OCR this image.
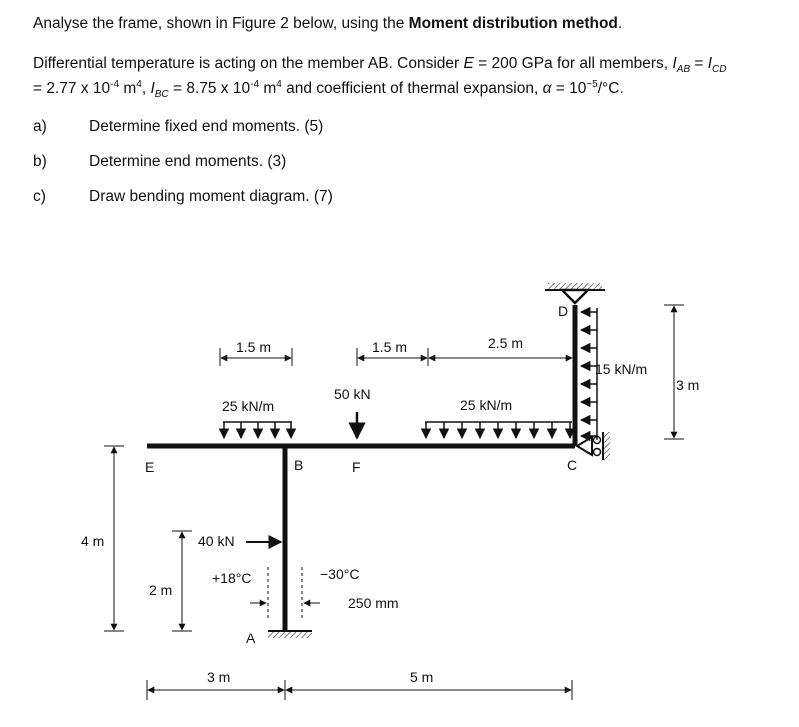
Analyse the frame, shown in Figure 2 below, using the Moment distribution method.
Differential temperature is acting on the member AB. Consider E = 200 GPa for all members, $I_{AB} = I_{CD}$
= 2.77 x $10^{-4}$ $m^4$, $I_{BC} = 8.75$ x $10^{-4}$ $m^4$ and coefficient of thermal expansion, $\alpha = 10^{-5}/^\circ C$.
a)	Determine fixed end moments. (5)
b)	Determine end moments. (3)
c)	Draw bending moment diagram. (7)
D
C
B
E	F
A
1.5 m	1.5 m	2.5 m
25 kN/m	25 kN/m
50 kN
15 kN/m
3 m
4 m
2 m
40 kN
+18°C	−30°C
250 mm
3 m	5 m
